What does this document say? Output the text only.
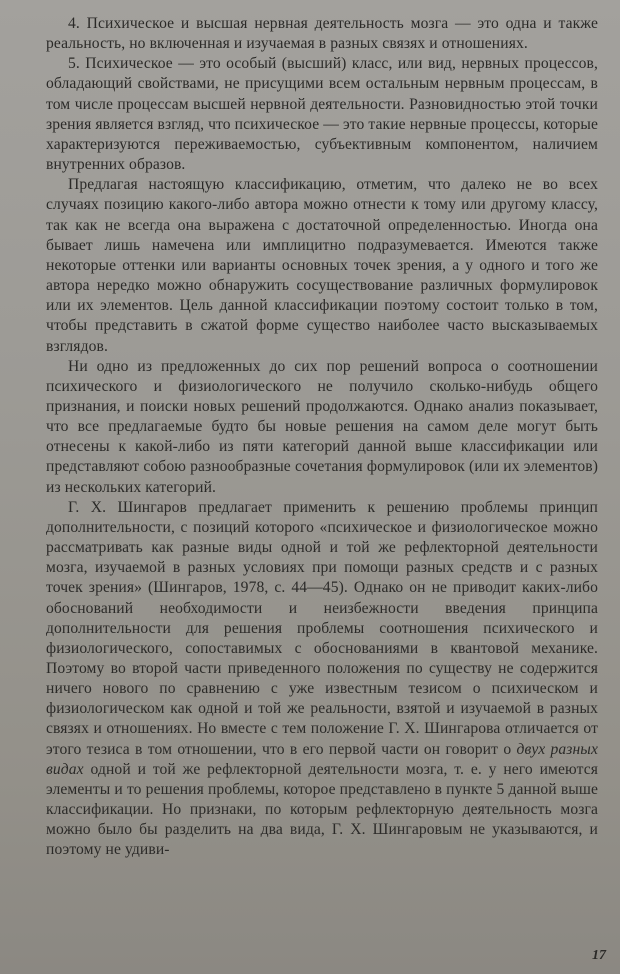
4. Психическое и высшая нервная деятельность мозга — это одна и также реальность, но включенная и изучаемая в разных связях и отношениях.

5. Психическое — это особый (высший) класс, или вид, нервных процессов, обладающий свойствами, не присущими всем остальным нервным процессам, в том числе процессам высшей нервной деятельности. Разновидностью этой точки зрения является взгляд, что психическое — это такие нервные процессы, которые характеризуются переживаемостью, субъективным компонентом, наличием внутренних образов.

Предлагая настоящую классификацию, отметим, что далеко не во всех случаях позицию какого-либо автора можно отнести к тому или другому классу, так как не всегда она выражена с достаточной определенностью. Иногда она бывает лишь намечена или имплицитно подразумевается. Имеются также некоторые оттенки или варианты основных точек зрения, а у одного и того же автора нередко можно обнаружить сосуществование различных формулировок или их элементов. Цель данной классификации поэтому состоит только в том, чтобы представить в сжатой форме существо наиболее часто высказываемых взглядов.

Ни одно из предложенных до сих пор решений вопроса о соотношении психического и физиологического не получило сколько-нибудь общего признания, и поиски новых решений продолжаются. Однако анализ показывает, что все предлагаемые будто бы новые решения на самом деле могут быть отнесены к какой-либо из пяти категорий данной выше классификации или представляют собою разнообразные сочетания формулировок (или их элементов) из нескольких категорий.

Г. Х. Шингаров предлагает применить к решению проблемы принцип дополнительности, с позиций которого «психическое и физиологическое можно рассматривать как разные виды одной и той же рефлекторной деятельности мозга, изучаемой в разных условиях при помощи разных средств и с разных точек зрения» (Шингаров, 1978, с. 44—45). Однако он не приводит каких-либо обоснований необходимости и неизбежности введения принципа дополнительности для решения проблемы соотношения психического и физиологического, сопоставимых с обоснованиями в квантовой механике. Поэтому во второй части приведенного положения по существу не содержится ничего нового по сравнению с уже известным тезисом о психическом и физиологическом как одной и той же реальности, взятой и изучаемой в разных связях и отношениях. Но вместе с тем положение Г. Х. Шингарова отличается от этого тезиса в том отношении, что в его первой части он говорит о двух разных видах одной и той же рефлекторной деятельности мозга, т. е. у него имеются элементы и то решения проблемы, которое представлено в пункте 5 данной выше классификации. Но признаки, по которым рефлекторную деятельность мозга можно было бы разделить на два вида, Г. Х. Шингаровым не указываются, и поэтому не удиви-

17
